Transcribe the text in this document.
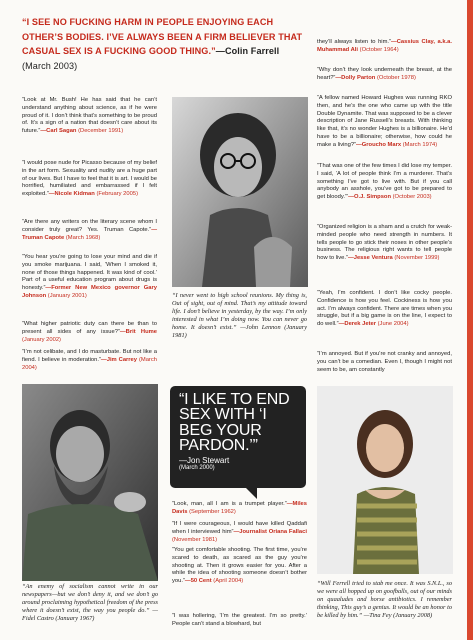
“I SEE NO FUCKING HARM IN PEOPLE ENJOYING EACH OTHER’S BODIES. I’VE ALWAYS BEEN A FIRM BELIEVER THAT CASUAL SEX IS A FUCKING GOOD THING.”—Colin Farrell (March 2003)

“Look at Mr. Bush! He has said that he can’t understand anything about science, as if he were proud of it. I don’t think that’s something to be proud of. It’s a sign of a nation that doesn’t care about its future.”—Carl Sagan (December 1991)

“I would pose nude for Picasso because of my belief in the art form. Sexuality and nudity are a huge part of our lives. But I have to feel that it is art. I would be horrified, humiliated and embarrassed if I felt exploited.”—Nicole Kidman (February 2005)

“Are there any writers on the literary scene whom I consider truly great? Yes. Truman Capote.”—Truman Capote (March 1968)

“You hear you’re going to lose your mind and die if you smoke marijuana. I said, ‘When I smoked it, none of those things happened. It was kind of cool.’ Part of a useful education program about drugs is honesty.”—Former New Mexico governor Gary Johnson (January 2001)

“What higher patriotic duty can there be than to present all sides of any issue?”—Brit Hume (January 2002)

“I’m not celibate, and I do masturbate. But not like a fiend. I believe in moderation.”—Jim Carrey (March 2004)

“I never went to high school reunions. My thing is, Out of sight, out of mind. That’s my attitude toward life. I don’t believe in yesterday, by the way. I’m only interested in what I’m doing now. You can never go home. It doesn’t exist.” —John Lennon (January 1981)

“I LIKE TO END SEX WITH ‘I BEG YOUR PARDON.’”
—Jon Stewart
(March 2000)

“Look, man, all I am is a trumpet player.”—Miles Davis (September 1962)

“If I were courageous, I would have killed Qaddafi when I interviewed him”—Journalist Oriana Fallaci (November 1981)

“You get comfortable shooting. The first time, you’re scared to death, as scared as the guy you’re shooting at. Then it grows easier for you. After a while the idea of shooting someone doesn’t bother you.”—50 Cent (April 2004)

“I was hollering, ‘I’m the greatest. I’m so pretty.’ People can’t stand a blowhard, but

“An enemy of socialism cannot write in our newspapers—but we don’t deny it, and we don’t go around proclaiming hypothetical freedom of the press where it doesn’t exist, the way you people do.” —Fidel Castro (January 1967)

they’ll always listen to him.”—Cassius Clay, a.k.a. Muhammad Ali (October 1964)

“Why don’t they look underneath the breast, at the heart?”—Dolly Parton (October 1978)

“A fellow named Howard Hughes was running RKO then, and he’s the one who came up with the title Double Dynamite. That was supposed to be a clever description of Jane Russell’s breasts. With thinking like that, it’s no wonder Hughes is a billionaire. He’d have to be a billionaire; otherwise, how could he make a living?”—Groucho Marx (March 1974)

“That was one of the few times I did lose my temper. I said, ‘A lot of people think I’m a murderer. That’s something I’ve got to live with. But if you call anybody an asshole, you’ve got to be prepared to get bloody.’”—O.J. Simpson (October 2003)

“Organized religion is a sham and a crutch for weak-minded people who need strength in numbers. It tells people to go stick their noses in other people’s business. The religious right wants to tell people how to live.”—Jesse Ventura (November 1999)

“Yeah, I’m confident. I don’t like cocky people. Confidence is how you feel. Cockiness is how you act. I’m always confident. There are times when you struggle, but if a big game is on the line, I expect to do well.”—Derek Jeter (June 2004)

“I’m annoyed. But if you’re not cranky and annoyed, you can’t be a comedian. Even I, though I might not seem to be, am constantly

“Will Ferrell tried to stab me once. It was S.N.L., so we were all hopped up on goofballs, out of our minds on quaaludes and horse antibiotics. I remember thinking, This guy’s a genius. It would be an honor to be killed by him.” —Tina Fey (January 2008)
